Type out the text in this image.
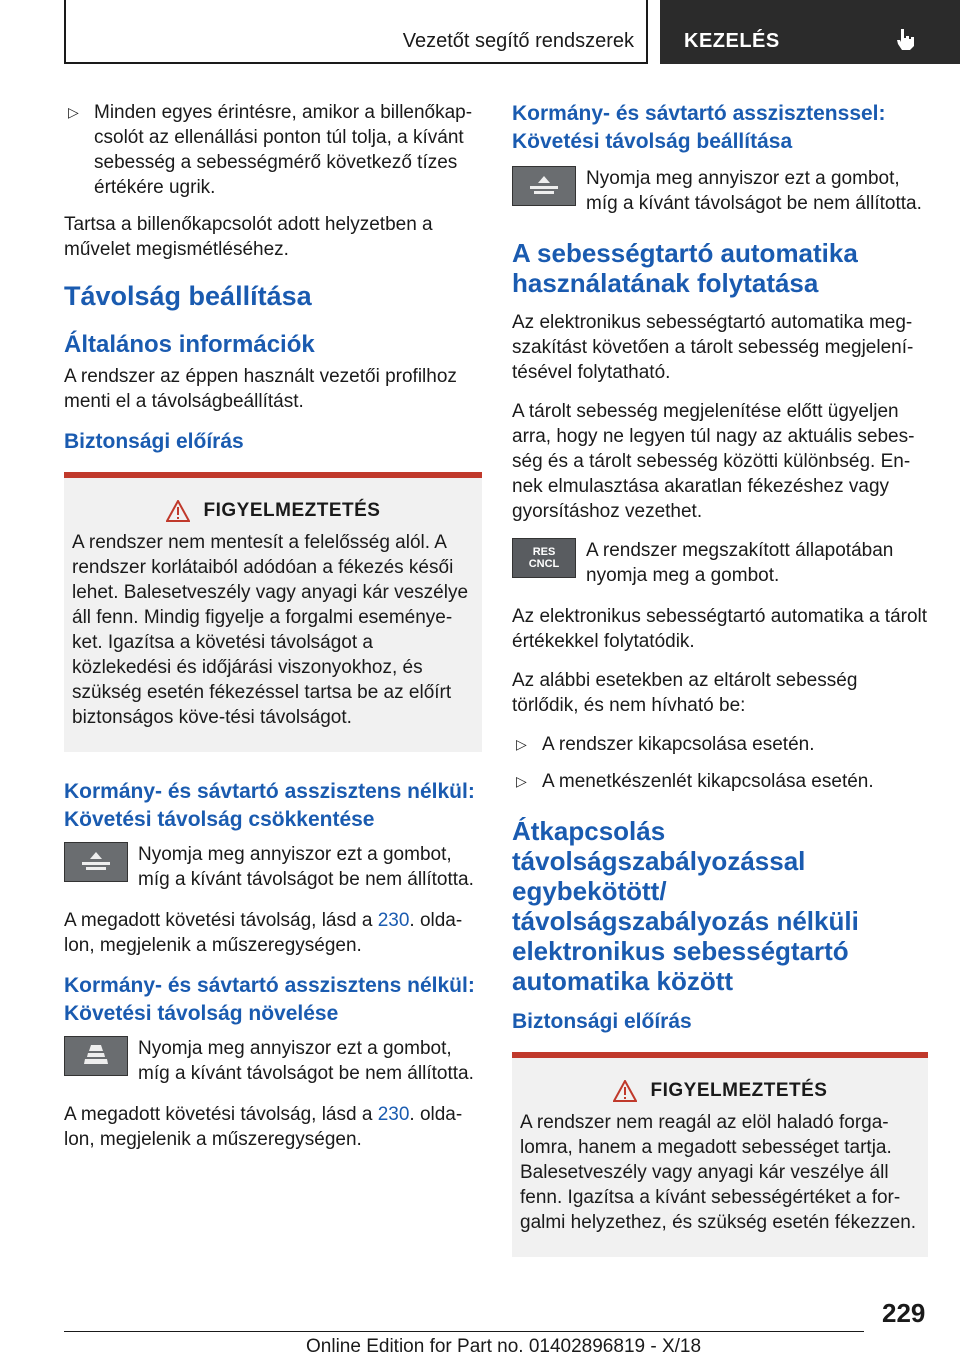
Vezetőt segítő rendszerek	KEZELÉS
▷ Minden egyes érintésre, amikor a billenőkap-csolót az ellenállási ponton túl tolja, a kívánt sebesség a sebességmérő következő tízes értékére ugrik.

Tartsa a billenőkapcsolót adott helyzetben a művelet megismétléséhez.

Távolság beállítása
Általános információk

A rendszer az éppen használt vezetői profilhoz menti el a távolságbeállítást.

Biztonsági előírás
FIGYELMEZTETÉS

A rendszer nem mentesít a felelősség alól. A rendszer korlátaiból adódóan a fékezés késői lehet. Balesetveszély vagy anyagi kár veszélye áll fenn. Mindig figyelje a forgalmi eseménye-ket. Igazítsa a követési távolságot a közlekedési és időjárási viszonyokhoz, és szükség esetén fékezéssel tartsa be az előírt biztonságos köve-tési távolságot.

Kormány- és sávtartó asszisztens nélkül: Követési távolság csökkentése
Nyomja meg annyiszor ezt a gombot, míg a kívánt távolságot be nem állította.

A megadott követési távolság, lásd a 230. olda-lon, megjelenik a műszeregységen.

Kormány- és sávtartó asszisztens nélkül: Követési távolság növelése
Nyomja meg annyiszor ezt a gombot, míg a kívánt távolságot be nem állította.

A megadott követési távolság, lásd a 230. olda-lon, megjelenik a műszeregységen.

Kormány- és sávtartó asszisztenssel: Követési távolság beállítása
Nyomja meg annyiszor ezt a gombot, míg a kívánt távolságot be nem állította.
A sebességtartó automatika használatának folytatása

Az elektronikus sebességtartó automatika meg-szakítást követően a tárolt sebesség megjelení-tésével folytatható.

A tárolt sebesség megjelenítése előtt ügyeljen arra, hogy ne legyen túl nagy az aktuális sebes-ség és a tárolt sebesség közötti különbség. En-nek elmulasztása akaratlan fékezéshez vagy gyorsításhoz vezethet.

RES
CNCL
A rendszer megszakított állapotában nyomja meg a gombot.

Az elektronikus sebességtartó automatika a tárolt értékekkel folytatódik.

Az alábbi esetekben az eltárolt sebesség törlődik, és nem hívható be:

▷ A rendszer kikapcsolása esetén.
▷ A menetkészenlét kikapcsolása esetén.
Átkapcsolás távolságszabályozással egybekötött/ távolságszabályozás nélküli elektronikus sebességtartó automatika között
Biztonsági előírás
FIGYELMEZTETÉS

A rendszer nem reagál az elöl haladó forga-lomra, hanem a megadott sebességet tartja. Balesetveszély vagy anyagi kár veszélye áll fenn. Igazítsa a kívánt sebességértéket a for-galmi helyzethez, és szükség esetén fékezzen.

229
Online Edition for Part no. 01402896819 - X/18
